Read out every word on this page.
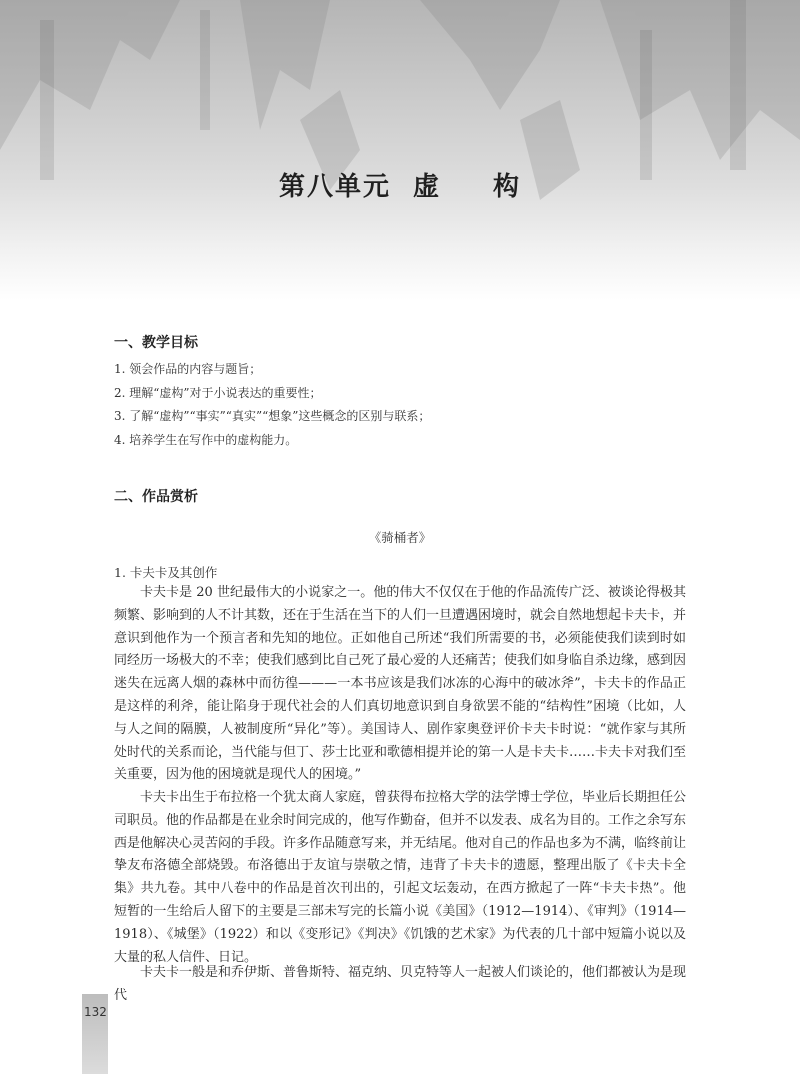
第八单元 虚 构
一、教学目标
1. 领会作品的内容与题旨；
2. 理解“虚构”对于小说表达的重要性；
3. 了解“虚构”“事实”“真实”“想象”这些概念的区别与联系；
4. 培养学生在写作中的虚构能力。
二、作品赏析
《骑桶者》
1. 卡夫卡及其创作
卡夫卡是 20 世纪最伟大的小说家之一。他的伟大不仅仅在于他的作品流传广泛、被谈论得极其频繁、影响到的人不计其数，还在于生活在当下的人们一旦遭遇困境时，就会自然地想起卡夫卡，并意识到他作为一个预言者和先知的地位。正如他自己所述“我们所需要的书，必须能使我们读到时如同经历一场极大的不幸；使我们感到比自己死了最心爱的人还痛苦；使我们如身临自杀边缘，感到因迷失在远离人烟的森林中而彷徨———一本书应该是我们冰冻的心海中的破冰斧”，卡夫卡的作品正是这样的利斧，能让陷身于现代社会的人们真切地意识到自身欲罢不能的“结构性”困境（比如，人与人之间的隔膜，人被制度所“异化”等）。美国诗人、剧作家奥登评价卡夫卡时说：“就作家与其所处时代的关系而论，当代能与但丁、莎士比亚和歌德相提并论的第一人是卡夫卡……卡夫卡对我们至关重要，因为他的困境就是现代人的困境。”
卡夫卡出生于布拉格一个犹太商人家庭，曾获得布拉格大学的法学博士学位，毕业后长期担任公司职员。他的作品都是在业余时间完成的，他写作勤奋，但并不以发表、成名为目的。工作之余写东西是他解决心灵苦闷的手段。许多作品随意写来，并无结尾。他对自己的作品也多为不满，临终前让挚友布洛德全部烧毁。布洛德出于友谊与崇敬之情，违背了卡夫卡的遗愿，整理出版了《卡夫卡全集》共九卷。其中八卷中的作品是首次刊出的，引起文坛轰动，在西方掀起了一阵“卡夫卡热”。他短暂的一生给后人留下的主要是三部未写完的长篇小说《美国》（1912—1914）、《审判》（1914—1918）、《城堡》（1922）和以《变形记》《判决》《饥饿的艺术家》为代表的几十部中短篇小说以及大量的私人信件、日记。
卡夫卡一般是和乔伊斯、普鲁斯特、福克纳、贝克特等人一起被人们谈论的，他们都被认为是现代
132
